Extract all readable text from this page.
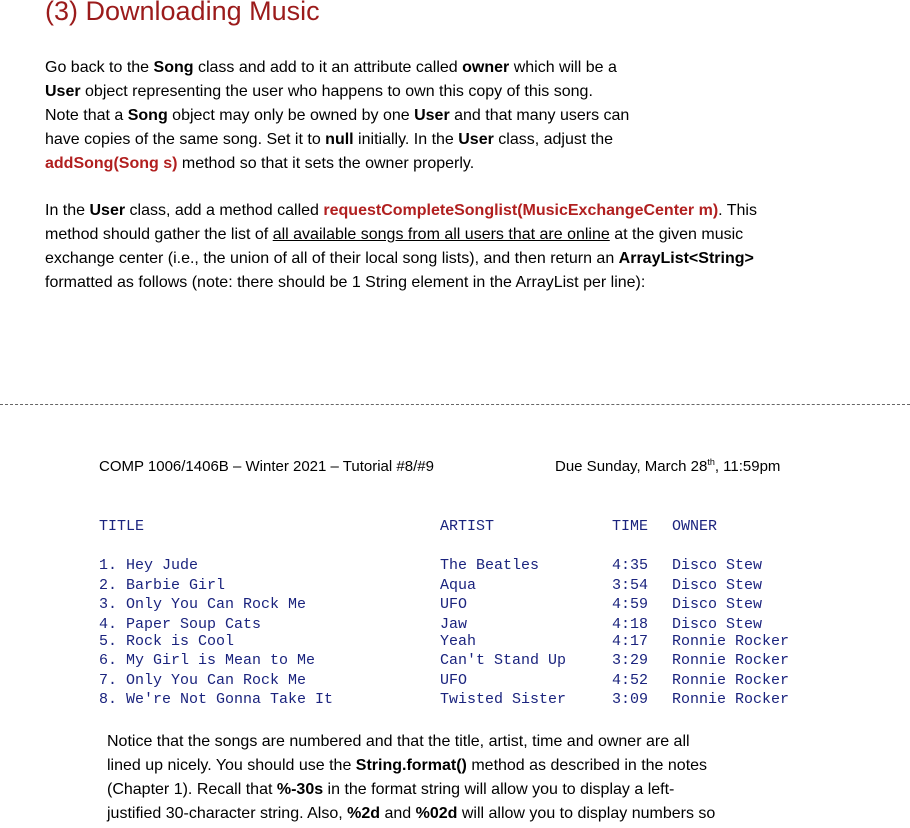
(3) Downloading Music

Go back to the Song class and add to it an attribute called owner which will be a
User object representing the user who happens to own this copy of this song.
Note that a Song object may only be owned by one User and that many users can
have copies of the same song. Set it to null initially. In the User class, adjust the
addSong(Song s) method so that it sets the owner properly.

In the User class, add a method called requestCompleteSonglist(MusicExchangeCenter m). This
method should gather the list of all available songs from all users that are online at the given music
exchange center (i.e., the union of all of their local song lists), and then return an ArrayList<String>
formatted as follows (note: there should be 1 String element in the ArrayList per line):

COMP 1006/1406B – Winter 2021 – Tutorial #8/#9	Due Sunday, March 28th, 11:59pm
TITLE	ARTIST	TIME OWNER
1. Hey Jude	The Beatles	4:35 Disco Stew
2. Barbie Girl	Aqua	3:54 Disco Stew
3. Only You Can Rock Me	UFO	4:59 Disco Stew
4. Paper Soup Cats	Jaw	4:18 Disco Stew
5. Rock is Cool	Yeah	4:17 Ronnie Rocker
6. My Girl is Mean to Me	Can't Stand Up	3:29 Ronnie Rocker
7. Only You Can Rock Me	UFO	4:52 Ronnie Rocker
8. We're Not Gonna Take It	Twisted Sister	3:09 Ronnie Rocker

Notice that the songs are numbered and that the title, artist, time and owner are all
lined up nicely. You should use the String.format() method as described in the notes
(Chapter 1). Recall that %-30s in the format string will allow you to display a left-
justified 30-character string. Also, %2d and %02d will allow you to display numbers so
